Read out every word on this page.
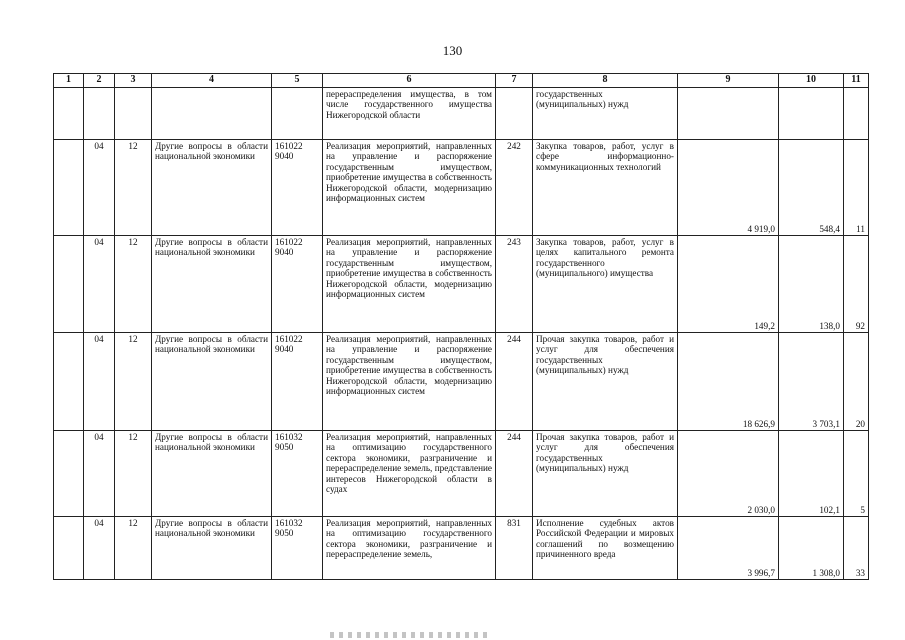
130
1	2	3	4	5	6	7	8	9	10	11
					перераспределения имущества, в том числе государственного имущества Нижегородской области		государственных (муниципальных) нужд			
	04	12	Другие вопросы в области национальной экономики	161022 9040	Реализация мероприятий, направленных на управление и распоряжение государственным имуществом, приобретение имущества в собственность Нижегородской области, модернизацию информационных систем	242	Закупка товаров, работ, услуг в сфере информационно-коммуникационных технологий	4 919,0	548,4	11
	04	12	Другие вопросы в области национальной экономики	161022 9040	Реализация мероприятий, направленных на управление и распоряжение государственным имуществом, приобретение имущества в собственность Нижегородской области, модернизацию информационных систем	243	Закупка товаров, работ, услуг в целях капитального ремонта государственного (муниципального) имущества	149,2	138,0	92
	04	12	Другие вопросы в области национальной экономики	161022 9040	Реализация мероприятий, направленных на управление и распоряжение государственным имуществом, приобретение имущества в собственность Нижегородской области, модернизацию информационных систем	244	Прочая закупка товаров, работ и услуг для обеспечения государственных (муниципальных) нужд	18 626,9	3 703,1	20
	04	12	Другие вопросы в области национальной экономики	161032 9050	Реализация мероприятий, направленных на оптимизацию государственного сектора экономики, разграничение и перераспределение земель, представление интересов Нижегородской области в судах	244	Прочая закупка товаров, работ и услуг для обеспечения государственных (муниципальных) нужд	2 030,0	102,1	5
	04	12	Другие вопросы в области национальной экономики	161032 9050	Реализация мероприятий, направленных на оптимизацию государственного сектора экономики, разграничение и перераспределение земель,	831	Исполнение судебных актов Российской Федерации и мировых соглашений по возмещению причиненного вреда	3 996,7	1 308,0	33
